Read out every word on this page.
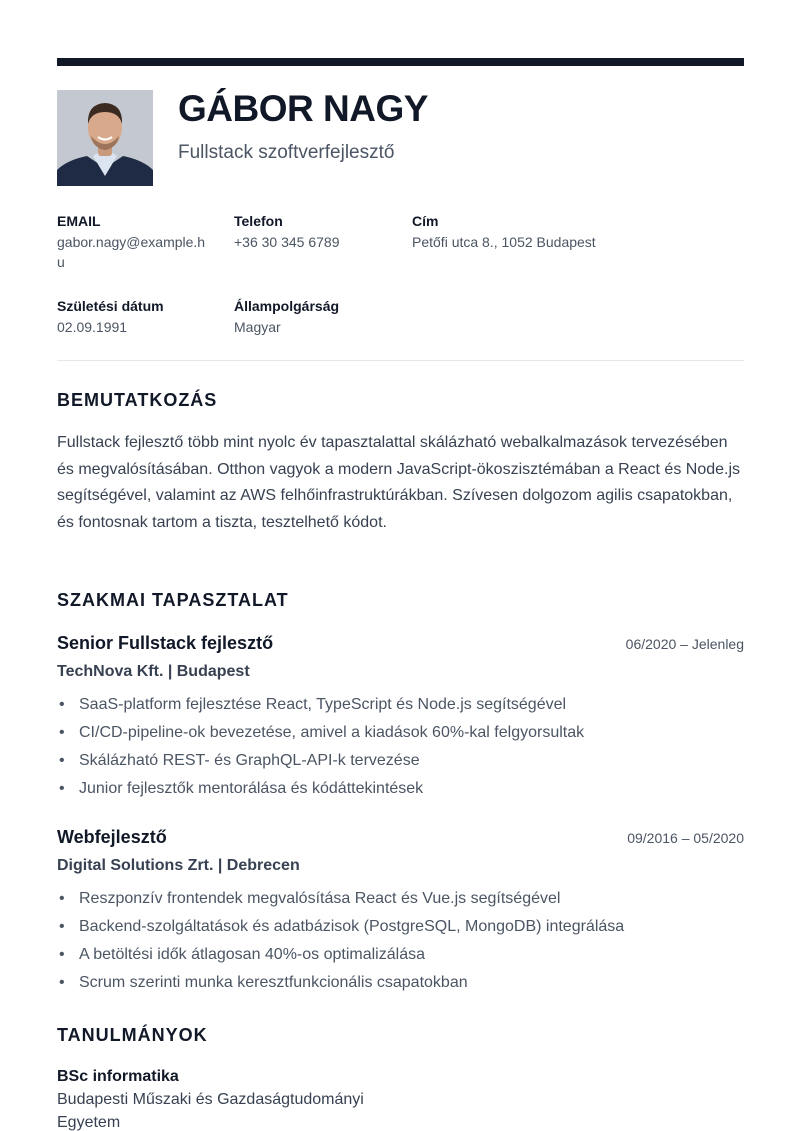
GÁBOR NAGY
Fullstack szoftverfejlesztő
EMAIL
gabor.nagy@example.hu
Telefon
+36 30 345 6789
Cím
Petőfi utca 8., 1052 Budapest
Születési dátum
02.09.1991
Állampolgárság
Magyar
BEMUTATKOZÁS
Fullstack fejlesztő több mint nyolc év tapasztalattal skálázható webalkalmazások tervezésében és megvalósításában. Otthon vagyok a modern JavaScript-ökoszisztémában a React és Node.js segítségével, valamint az AWS felhőinfrastruktúrákban. Szívesen dolgozom agilis csapatokban, és fontosnak tartom a tiszta, tesztelhető kódot.
SZAKMAI TAPASZTALAT
Senior Fullstack fejlesztő	06/2020 – Jelenleg
TechNova Kft. | Budapest
• SaaS-platform fejlesztése React, TypeScript és Node.js segítségével
• CI/CD-pipeline-ok bevezetése, amivel a kiadások 60%-kal felgyorsultak
• Skálázható REST- és GraphQL-API-k tervezése
• Junior fejlesztők mentorálása és kódáttekintések
Webfejlesztő	09/2016 – 05/2020
Digital Solutions Zrt. | Debrecen
• Reszponzív frontendek megvalósítása React és Vue.js segítségével
• Backend-szolgáltatások és adatbázisok (PostgreSQL, MongoDB) integrálása
• A betöltési idők átlagosan 40%-os optimalizálása
• Scrum szerinti munka keresztfunkcionális csapatokban
TANULMÁNYOK
BSc informatika
Budapesti Műszaki és Gazdaságtudományi Egyetem
